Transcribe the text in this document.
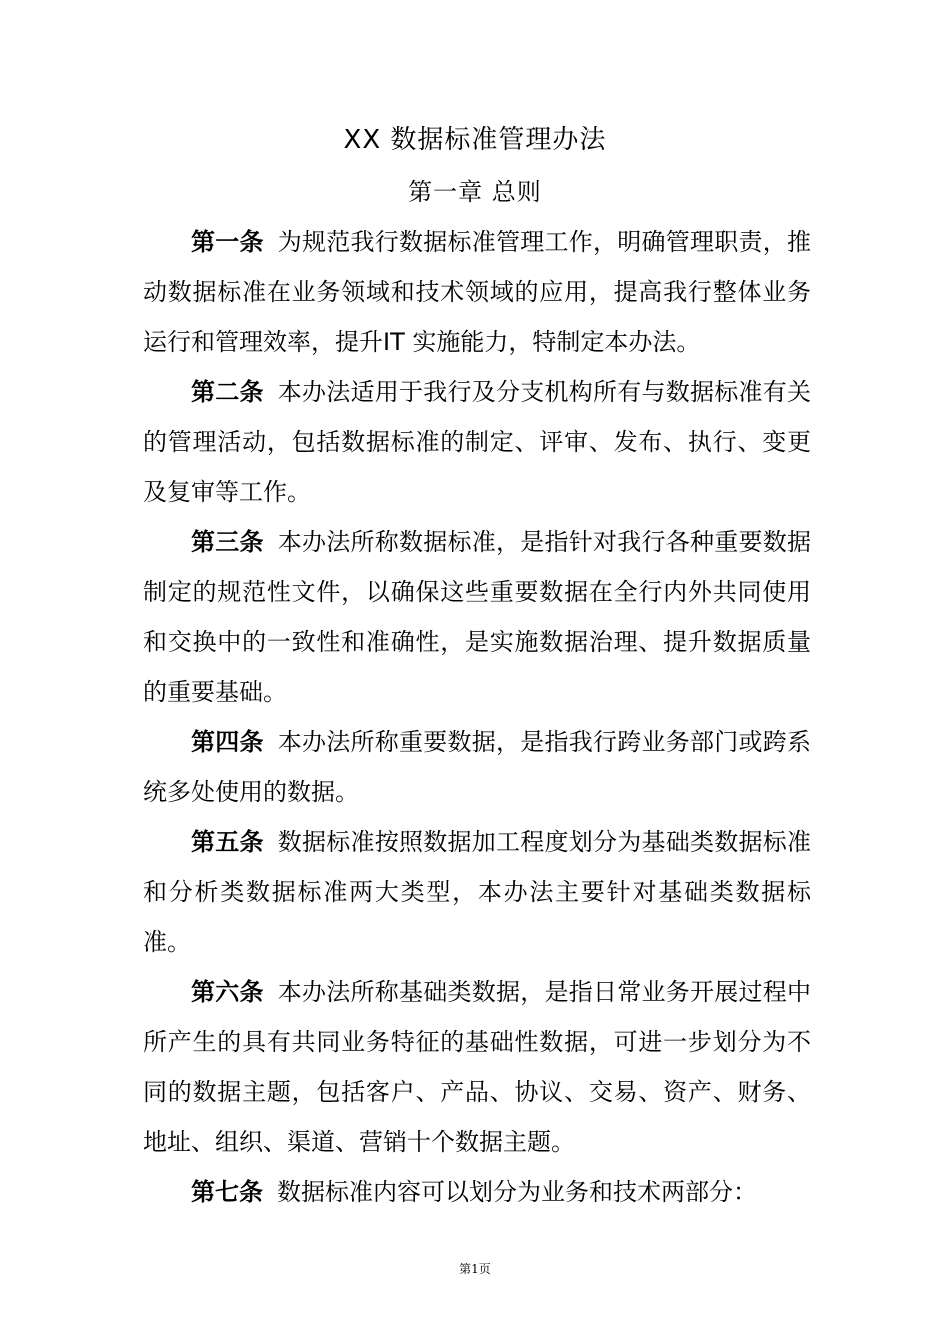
XX 数据标准管理办法
第一章 总则

第一条 为规范我行数据标准管理工作，明确管理职责，推动数据标准在业务领域和技术领域的应用，提高我行整体业务运行和管理效率，提升IT 实施能力，特制定本办法。

第二条 本办法适用于我行及分支机构所有与数据标准有关的管理活动，包括数据标准的制定、评审、发布、执行、变更及复审等工作。

第三条 本办法所称数据标准，是指针对我行各种重要数据制定的规范性文件，以确保这些重要数据在全行内外共同使用和交换中的一致性和准确性，是实施数据治理、提升数据质量的重要基础。

第四条 本办法所称重要数据，是指我行跨业务部门或跨系统多处使用的数据。

第五条 数据标准按照数据加工程度划分为基础类数据标准和分析类数据标准两大类型，本办法主要针对基础类数据标准。

第六条 本办法所称基础类数据，是指日常业务开展过程中所产生的具有共同业务特征的基础性数据，可进一步划分为不同的数据主题，包括客户、产品、协议、交易、资产、财务、地址、组织、渠道、营销十个数据主题。

第七条 数据标准内容可以划分为业务和技术两部分：

第1页
